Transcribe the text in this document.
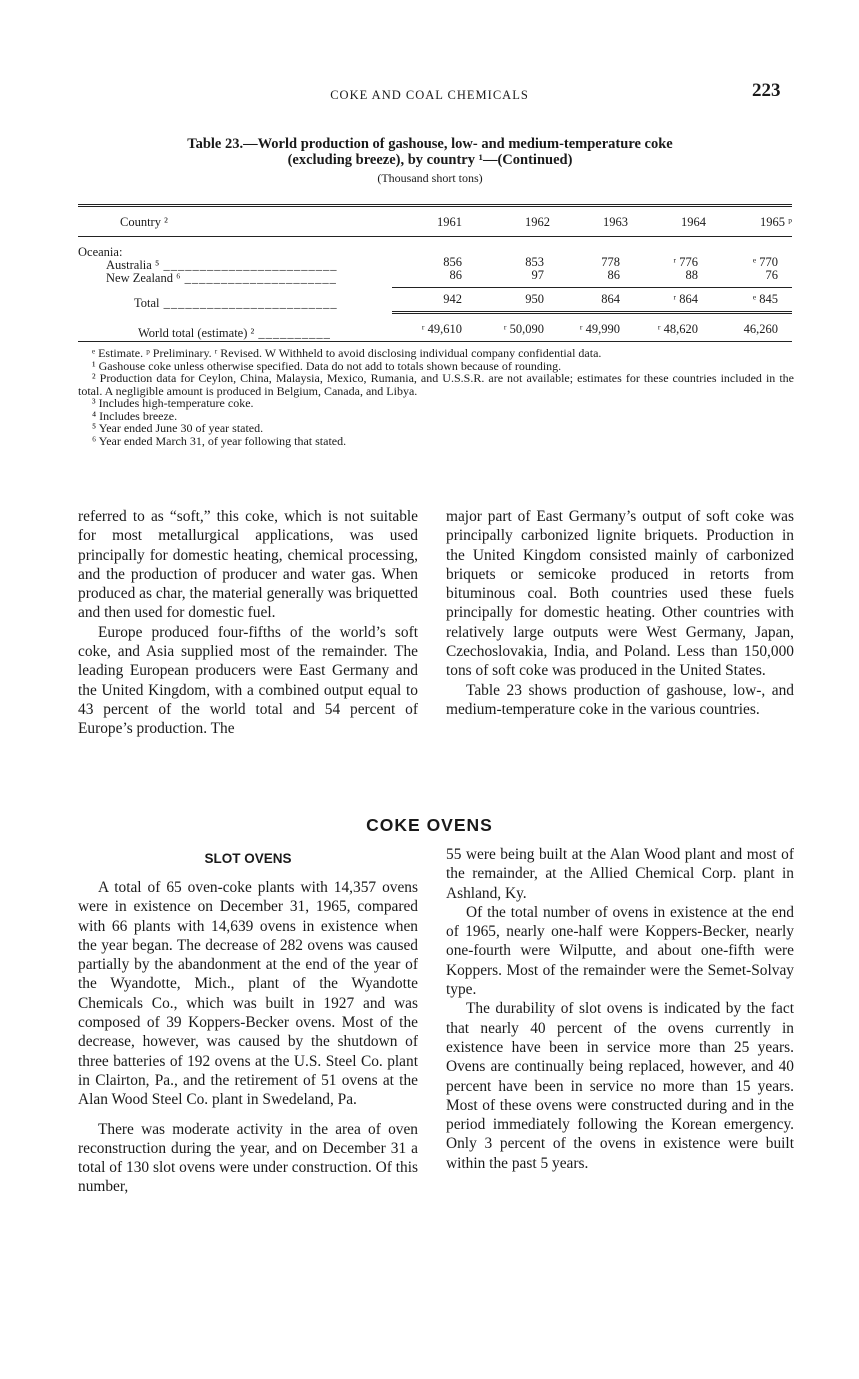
COKE AND COAL CHEMICALS	223
Table 23.—World production of gashouse, low- and medium-temperature coke
(excluding breeze), by country ¹—(Continued)
(Thousand short tons)
Country ²	1961	1962	1963	1964	1965 ᵖ
Oceania:
Australia ⁵ ________________________	856	853	778	ʳ 776	ᵉ 770
New Zealand ⁶ _____________________	86	97	86	88	76
Total ________________________	942	950	864	ʳ 864	ᵉ 845
World total (estimate) ² __________	ʳ 49,610	ʳ 50,090	ʳ 49,990	ʳ 48,620	46,260

ᵉ Estimate. ᵖ Preliminary. ʳ Revised. W Withheld to avoid disclosing individual company confidential data.

¹ Gashouse coke unless otherwise specified. Data do not add to totals shown because of rounding.

² Production data for Ceylon, China, Malaysia, Mexico, Rumania, and U.S.S.R. are not available; estimates for these countries included in the total. A negligible amount is produced in Belgium, Canada, and Libya.

³ Includes high-temperature coke.

⁴ Includes breeze.

⁵ Year ended June 30 of year stated.

⁶ Year ended March 31, of year following that stated.

referred to as “soft,” this coke, which is not suitable for most metallurgical applications, was used principally for domestic heating, chemical processing, and the production of producer and water gas. When produced as char, the material generally was briquetted and then used for domestic fuel.

Europe produced four-fifths of the world’s soft coke, and Asia supplied most of the remainder. The leading European producers were East Germany and the United Kingdom, with a combined output equal to 43 percent of the world total and 54 percent of Europe’s production. The

major part of East Germany’s output of soft coke was principally carbonized lignite briquets. Production in the United Kingdom consisted mainly of carbonized briquets or semicoke produced in retorts from bituminous coal. Both countries used these fuels principally for domestic heating. Other countries with relatively large outputs were West Germany, Japan, Czechoslovakia, India, and Poland. Less than 150,000 tons of soft coke was produced in the United States.

Table 23 shows production of gashouse, low-, and medium-temperature coke in the various countries.

COKE OVENS
SLOT OVENS

A total of 65 oven-coke plants with 14,357 ovens were in existence on December 31, 1965, compared with 66 plants with 14,639 ovens in existence when the year began. The decrease of 282 ovens was caused partially by the abandonment at the end of the year of the Wyandotte, Mich., plant of the Wyandotte Chemicals Co., which was built in 1927 and was composed of 39 Koppers-Becker ovens. Most of the decrease, however, was caused by the shutdown of three batteries of 192 ovens at the U.S. Steel Co. plant in Clairton, Pa., and the retirement of 51 ovens at the Alan Wood Steel Co. plant in Swedeland, Pa.

There was moderate activity in the area of oven reconstruction during the year, and on December 31 a total of 130 slot ovens were under construction. Of this number,

55 were being built at the Alan Wood plant and most of the remainder, at the Allied Chemical Corp. plant in Ashland, Ky.

Of the total number of ovens in existence at the end of 1965, nearly one-half were Koppers-Becker, nearly one-fourth were Wilputte, and about one-fifth were Koppers. Most of the remainder were the Semet-Solvay type.

The durability of slot ovens is indicated by the fact that nearly 40 percent of the ovens currently in existence have been in service more than 25 years. Ovens are continually being replaced, however, and 40 percent have been in service no more than 15 years. Most of these ovens were constructed during and in the period immediately following the Korean emergency. Only 3 percent of the ovens in existence were built within the past 5 years.
